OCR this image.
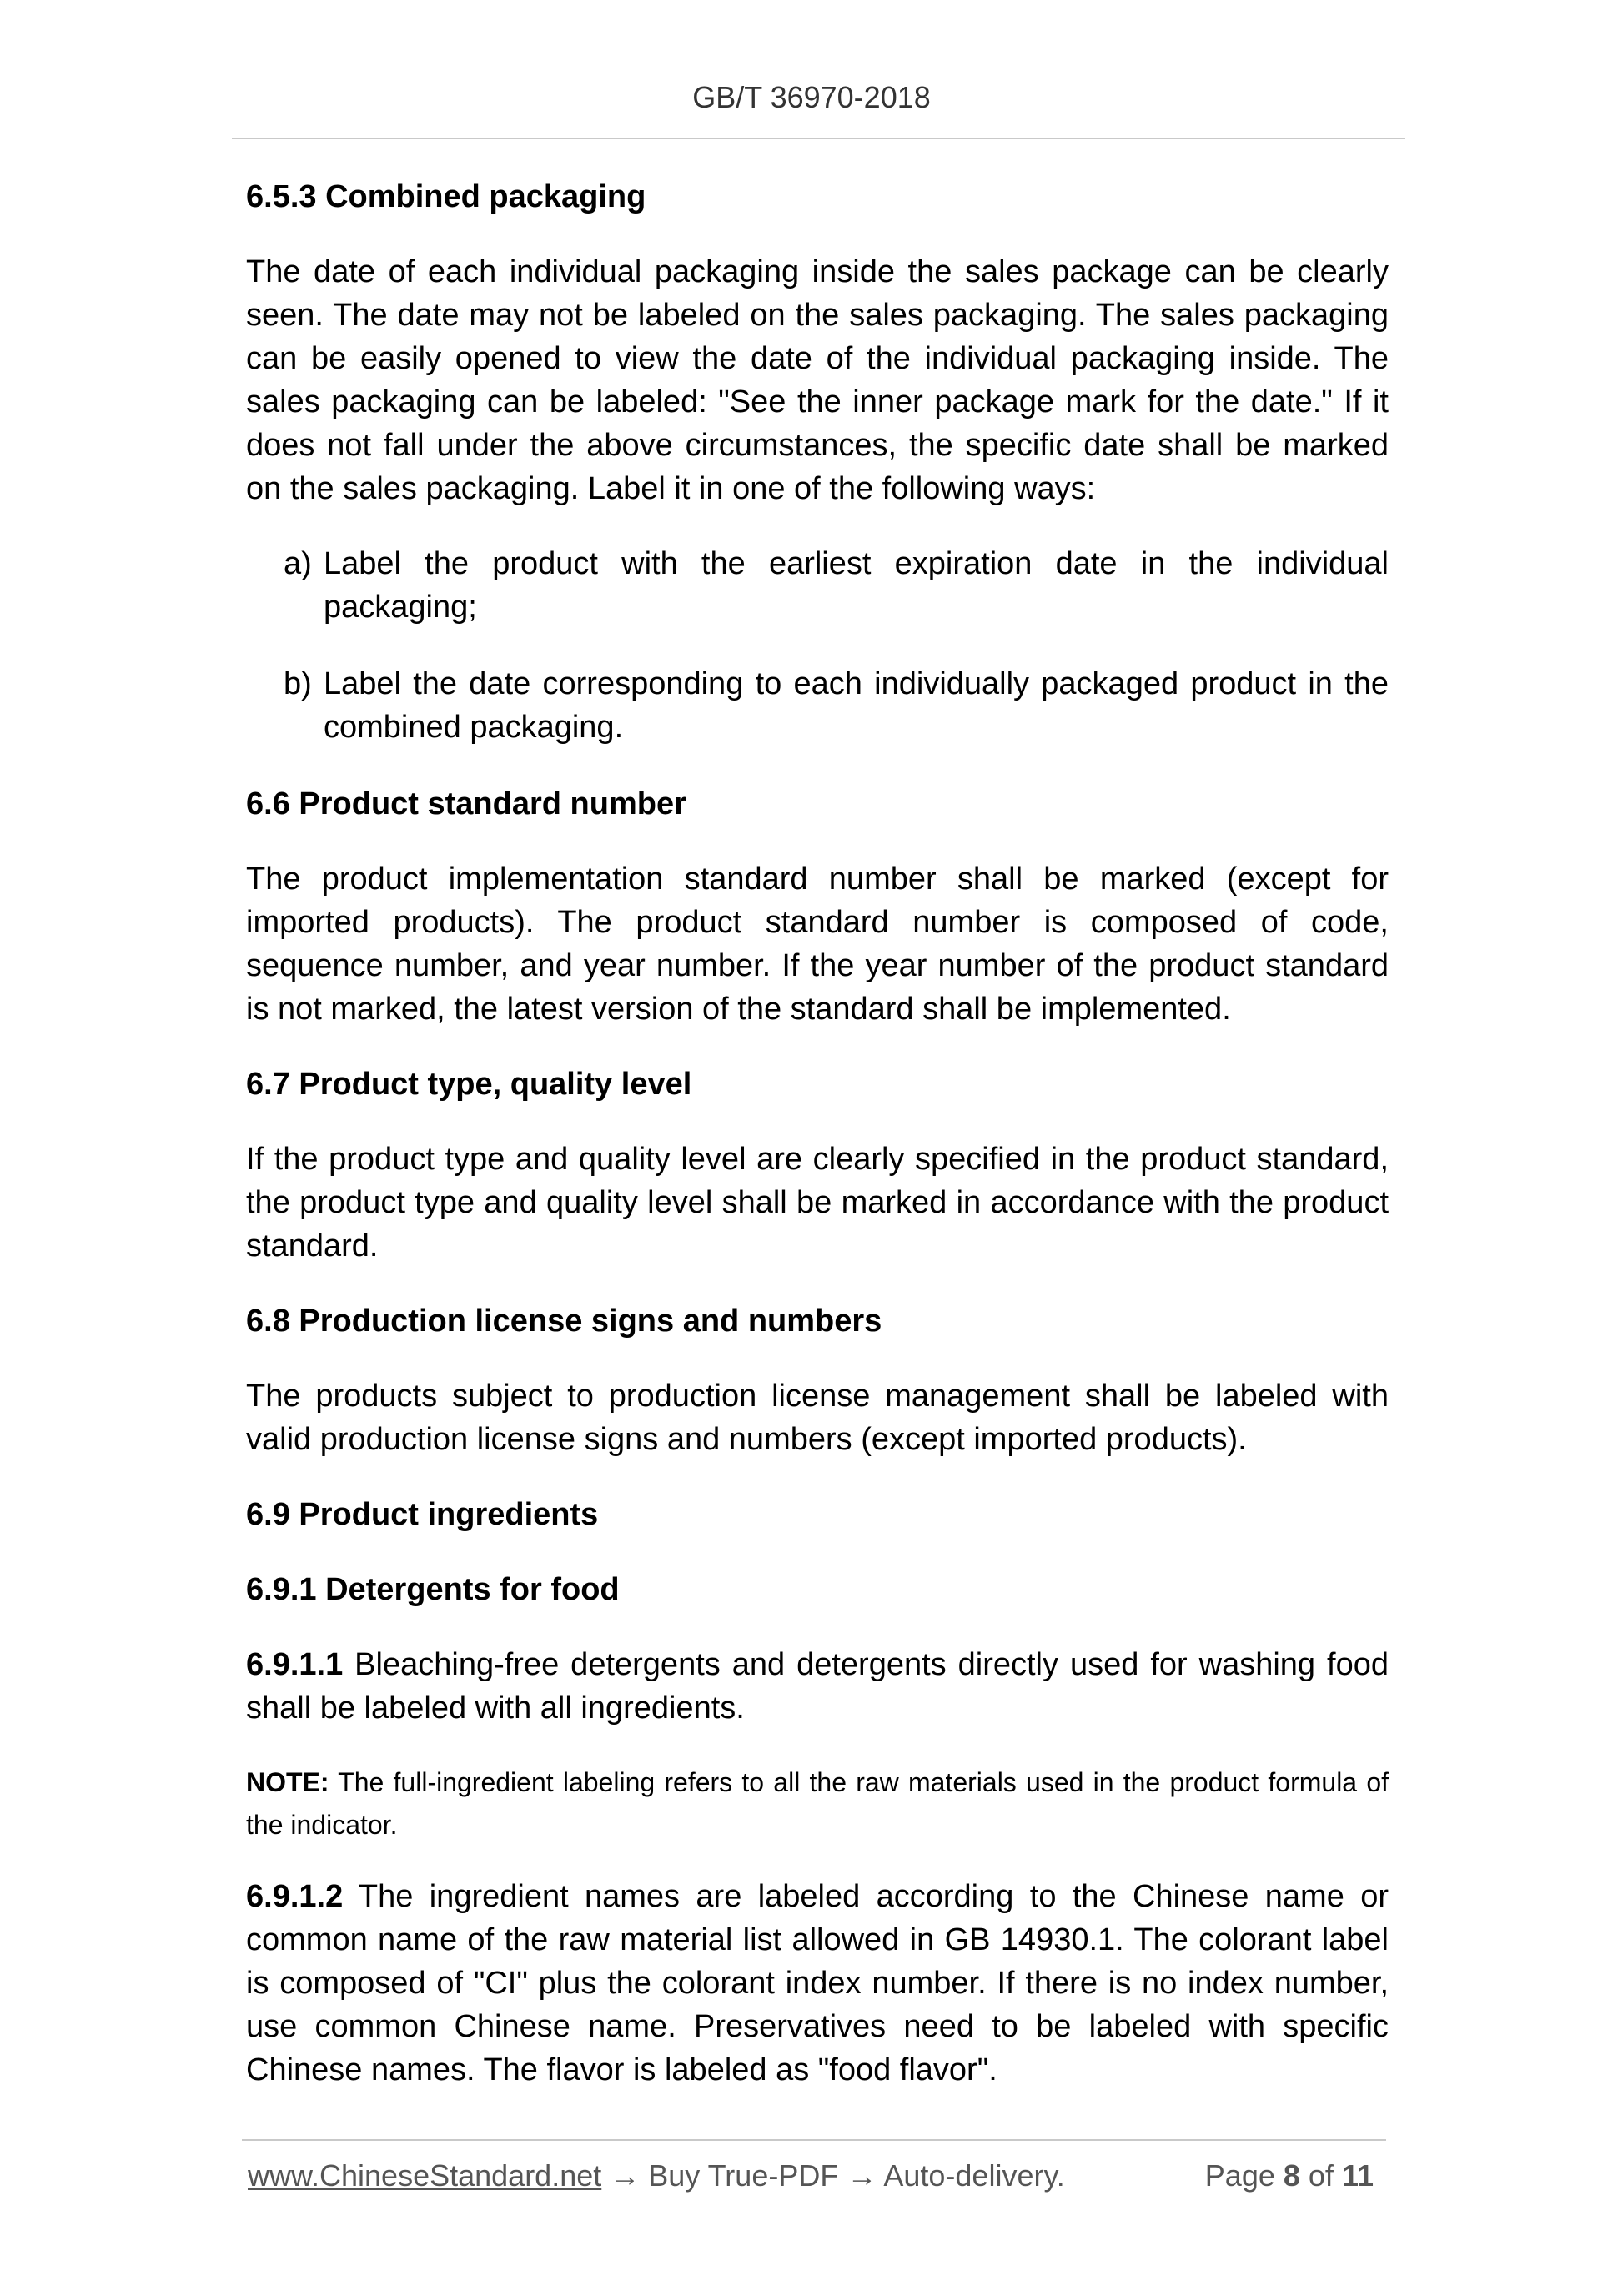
GB/T 36970-2018
6.5.3 Combined packaging
The date of each individual packaging inside the sales package can be clearly seen. The date may not be labeled on the sales packaging. The sales packaging can be easily opened to view the date of the individual packaging inside. The sales packaging can be labeled: "See the inner package mark for the date." If it does not fall under the above circumstances, the specific date shall be marked on the sales packaging. Label it in one of the following ways:
a) Label the product with the earliest expiration date in the individual packaging;
b) Label the date corresponding to each individually packaged product in the combined packaging.
6.6 Product standard number
The product implementation standard number shall be marked (except for imported products). The product standard number is composed of code, sequence number, and year number. If the year number of the product standard is not marked, the latest version of the standard shall be implemented.
6.7 Product type, quality level
If the product type and quality level are clearly specified in the product standard, the product type and quality level shall be marked in accordance with the product standard.
6.8 Production license signs and numbers
The products subject to production license management shall be labeled with valid production license signs and numbers (except imported products).
6.9 Product ingredients
6.9.1 Detergents for food
6.9.1.1 Bleaching-free detergents and detergents directly used for washing food shall be labeled with all ingredients.
NOTE: The full-ingredient labeling refers to all the raw materials used in the product formula of the indicator.
6.9.1.2 The ingredient names are labeled according to the Chinese name or common name of the raw material list allowed in GB 14930.1. The colorant label is composed of "CI" plus the colorant index number. If there is no index number, use common Chinese name. Preservatives need to be labeled with specific Chinese names. The flavor is labeled as "food flavor".
www.ChineseStandard.net → Buy True-PDF → Auto-delivery.	Page 8 of 11
